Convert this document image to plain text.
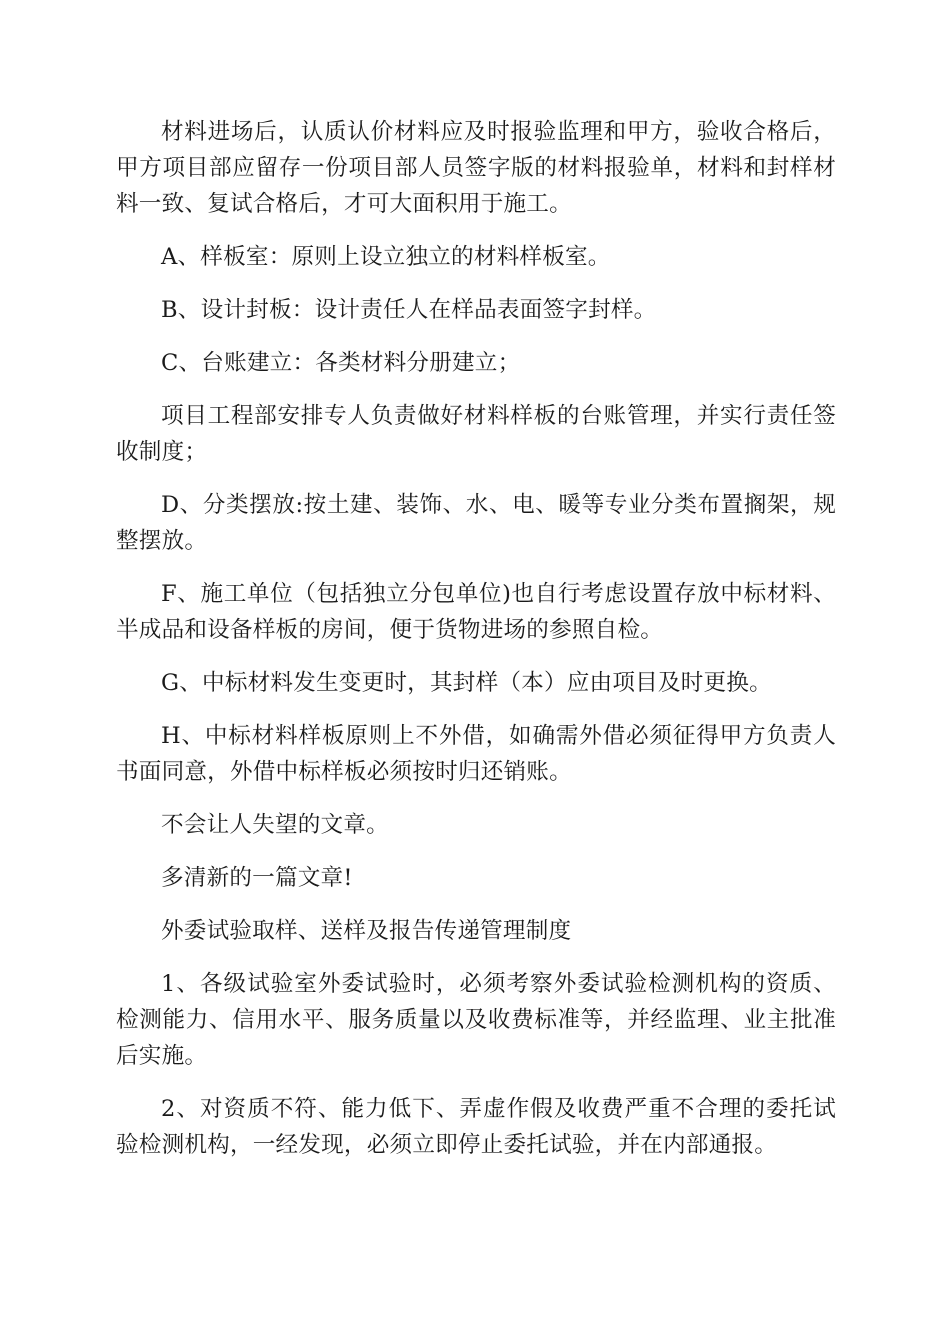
材料进场后，认质认价材料应及时报验监理和甲方，验收合格后，甲方项目部应留存一份项目部人员签字版的材料报验单，材料和封样材料一致、复试合格后，才可大面积用于施工。

A、样板室：原则上设立独立的材料样板室。

B、设计封板：设计责任人在样品表面签字封样。

C、台账建立：各类材料分册建立；

项目工程部安排专人负责做好材料样板的台账管理，并实行责任签收制度；

D、分类摆放:按土建、装饰、水、电、暖等专业分类布置搁架，规整摆放。

F、施工单位（包括独立分包单位)也自行考虑设置存放中标材料、半成品和设备样板的房间，便于货物进场的参照自检。

G、中标材料发生变更时，其封样（本）应由项目及时更换。

H、中标材料样板原则上不外借，如确需外借必须征得甲方负责人书面同意，外借中标样板必须按时归还销账。

不会让人失望的文章。

多清新的一篇文章!

外委试验取样、送样及报告传递管理制度

1、各级试验室外委试验时，必须考察外委试验检测机构的资质、检测能力、信用水平、服务质量以及收费标准等，并经监理、业主批准后实施。

2、对资质不符、能力低下、弄虚作假及收费严重不合理的委托试验检测机构，一经发现，必须立即停止委托试验，并在内部通报。
